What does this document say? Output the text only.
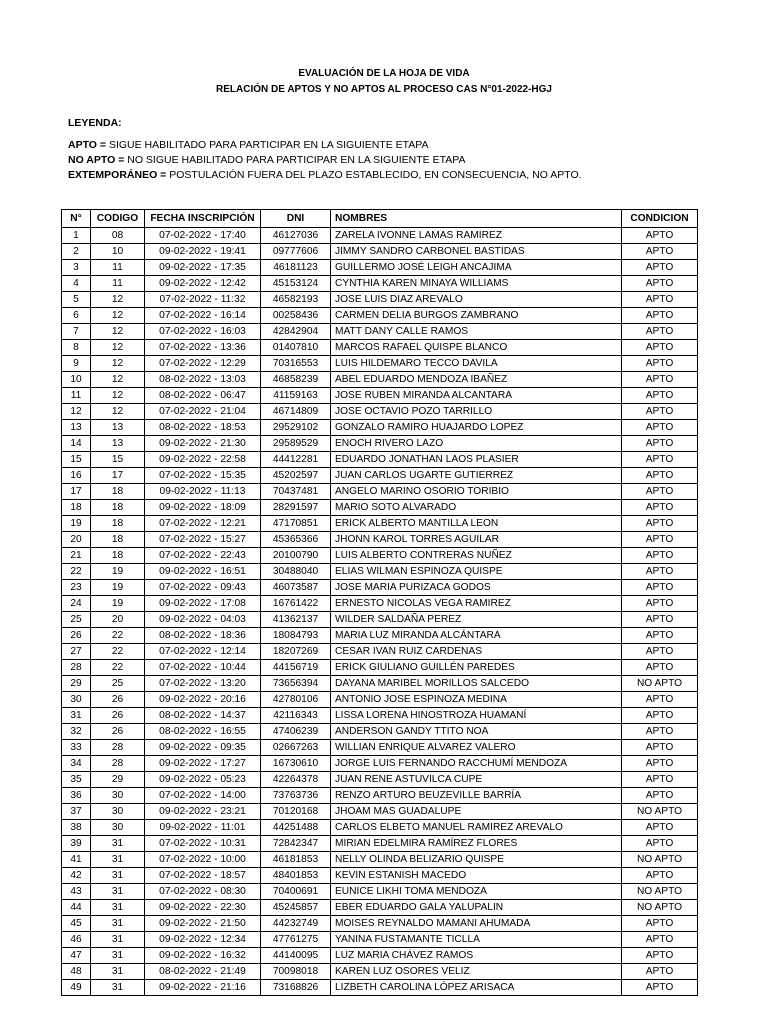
EVALUACIÓN DE LA HOJA DE VIDA
RELACIÓN DE APTOS Y NO APTOS AL PROCESO CAS N°01-2022-HGJ
LEYENDA:
APTO = SIGUE HABILITADO PARA PARTICIPAR EN LA SIGUIENTE ETAPA
NO APTO = NO SIGUE HABILITADO PARA PARTICIPAR EN LA SIGUIENTE ETAPA
EXTEMPORÁNEO = POSTULACIÓN FUERA DEL PLAZO ESTABLECIDO, EN CONSECUENCIA, NO APTO.
N°	CODIGO	FECHA INSCRIPCIÓN	DNI	NOMBRES	CONDICION
1	08	07-02-2022 - 17:40	46127036	ZARELA IVONNE LAMAS RAMIREZ	APTO
2	10	09-02-2022 - 19:41	09777606	JIMMY SANDRO CARBONEL BASTIDAS	APTO
3	11	09-02-2022 - 17:35	46181123	GUILLERMO JOSÉ LEIGH ANCAJIMA	APTO
4	11	09-02-2022 - 12:42	45153124	CYNTHIA KAREN MINAYA WILLIAMS	APTO
5	12	07-02-2022 - 11:32	46582193	JOSE LUIS DIAZ AREVALO	APTO
6	12	07-02-2022 - 16:14	00258436	CARMEN DELIA BURGOS ZAMBRANO	APTO
7	12	07-02-2022 - 16:03	42842904	MATT DANY CALLE RAMOS	APTO
8	12	07-02-2022 - 13:36	01407810	MARCOS RAFAEL QUISPE BLANCO	APTO
9	12	07-02-2022 - 12:29	70316553	LUIS HILDEMARO TECCO DAVILA	APTO
10	12	08-02-2022 - 13:03	46858239	ABEL EDUARDO MENDOZA IBAÑEZ	APTO
11	12	08-02-2022 - 06:47	41159163	JOSE RUBEN MIRANDA ALCANTARA	APTO
12	12	07-02-2022 - 21:04	46714809	JOSE OCTAVIO POZO TARRILLO	APTO
13	13	08-02-2022 - 18:53	29529102	GONZALO RAMIRO HUAJARDO LOPEZ	APTO
14	13	09-02-2022 - 21:30	29589529	ENOCH RIVERO LAZO	APTO
15	15	09-02-2022 - 22:58	44412281	EDUARDO JONATHAN LAOS PLASIER	APTO
16	17	07-02-2022 - 15:35	45202597	JUAN CARLOS UGARTE GUTIERREZ	APTO
17	18	09-02-2022 - 11:13	70437481	ANGELO MARINO OSORIO TORIBIO	APTO
18	18	09-02-2022 - 18:09	28291597	MARIO SOTO ALVARADO	APTO
19	18	07-02-2022 - 12:21	47170851	ERICK ALBERTO MANTILLA LEON	APTO
20	18	07-02-2022 - 15:27	45365366	JHONN KAROL TORRES AGUILAR	APTO
21	18	07-02-2022 - 22:43	20100790	LUIS ALBERTO CONTRERAS NUÑEZ	APTO
22	19	09-02-2022 - 16:51	30488040	ELIAS WILMAN ESPINOZA QUISPE	APTO
23	19	07-02-2022 - 09:43	46073587	JOSE MARIA PURIZACA GODOS	APTO
24	19	09-02-2022 - 17:08	16761422	ERNESTO NICOLAS VEGA RAMIREZ	APTO
25	20	09-02-2022 - 04:03	41362137	WILDER SALDAÑA PEREZ	APTO
26	22	08-02-2022 - 18:36	18084793	MARIA LUZ MIRANDA ALCÁNTARA	APTO
27	22	07-02-2022 - 12:14	18207269	CESAR IVAN RUIZ CARDENAS	APTO
28	22	07-02-2022 - 10:44	44156719	ERICK GIULIANO GUILLÉN PAREDES	APTO
29	25	07-02-2022 - 13:20	73656394	DAYANA MARIBEL MORILLOS SALCEDO	NO APTO
30	26	09-02-2022 - 20:16	42780106	ANTONIO JOSE ESPINOZA MEDINA	APTO
31	26	08-02-2022 - 14:37	42116343	LISSA LORENA HINOSTROZA HUAMANÍ	APTO
32	26	08-02-2022 - 16:55	47406239	ANDERSON GANDY TTITO NOA	APTO
33	28	09-02-2022 - 09:35	02667263	WILLIAN ENRIQUE ALVAREZ VALERO	APTO
34	28	09-02-2022 - 17:27	16730610	JORGE LUIS FERNANDO RACCHUMÍ MENDOZA	APTO
35	29	09-02-2022 - 05:23	42264378	JUAN RENE ASTUVILCA CUPE	APTO
36	30	07-02-2022 - 14:00	73763736	RENZO ARTURO BEUZEVILLE BARRÍA	APTO
37	30	09-02-2022 - 23:21	70120168	JHOAM MAS GUADALUPE	NO APTO
38	30	09-02-2022 - 11:01	44251488	CARLOS ELBETO MANUEL RAMIREZ AREVALO	APTO
39	31	07-02-2022 - 10:31	72842347	MIRIAN EDELMIRA RAMÍREZ FLORES	APTO
41	31	07-02-2022 - 10:00	46181853	NELLY OLINDA BELIZARIO QUISPE	NO APTO
42	31	07-02-2022 - 18:57	48401853	KEVIN ESTANISH MACEDO	APTO
43	31	07-02-2022 - 08:30	70400691	EUNICE LIKHI TOMA MENDOZA	NO APTO
44	31	09-02-2022 - 22:30	45245857	EBER EDUARDO GALA YALUPALIN	NO APTO
45	31	09-02-2022 - 21:50	44232749	MOISES REYNALDO MAMANI AHUMADA	APTO
46	31	09-02-2022 - 12:34	47761275	YANINA FUSTAMANTE TICLLA	APTO
47	31	09-02-2022 - 16:32	44140095	LUZ MARIA CHÁVEZ RAMOS	APTO
48	31	08-02-2022 - 21:49	70098018	KAREN LUZ OSORES VELIZ	APTO
49	31	09-02-2022 - 21:16	73168826	LIZBETH CAROLINA LÓPEZ ARISACA	APTO
